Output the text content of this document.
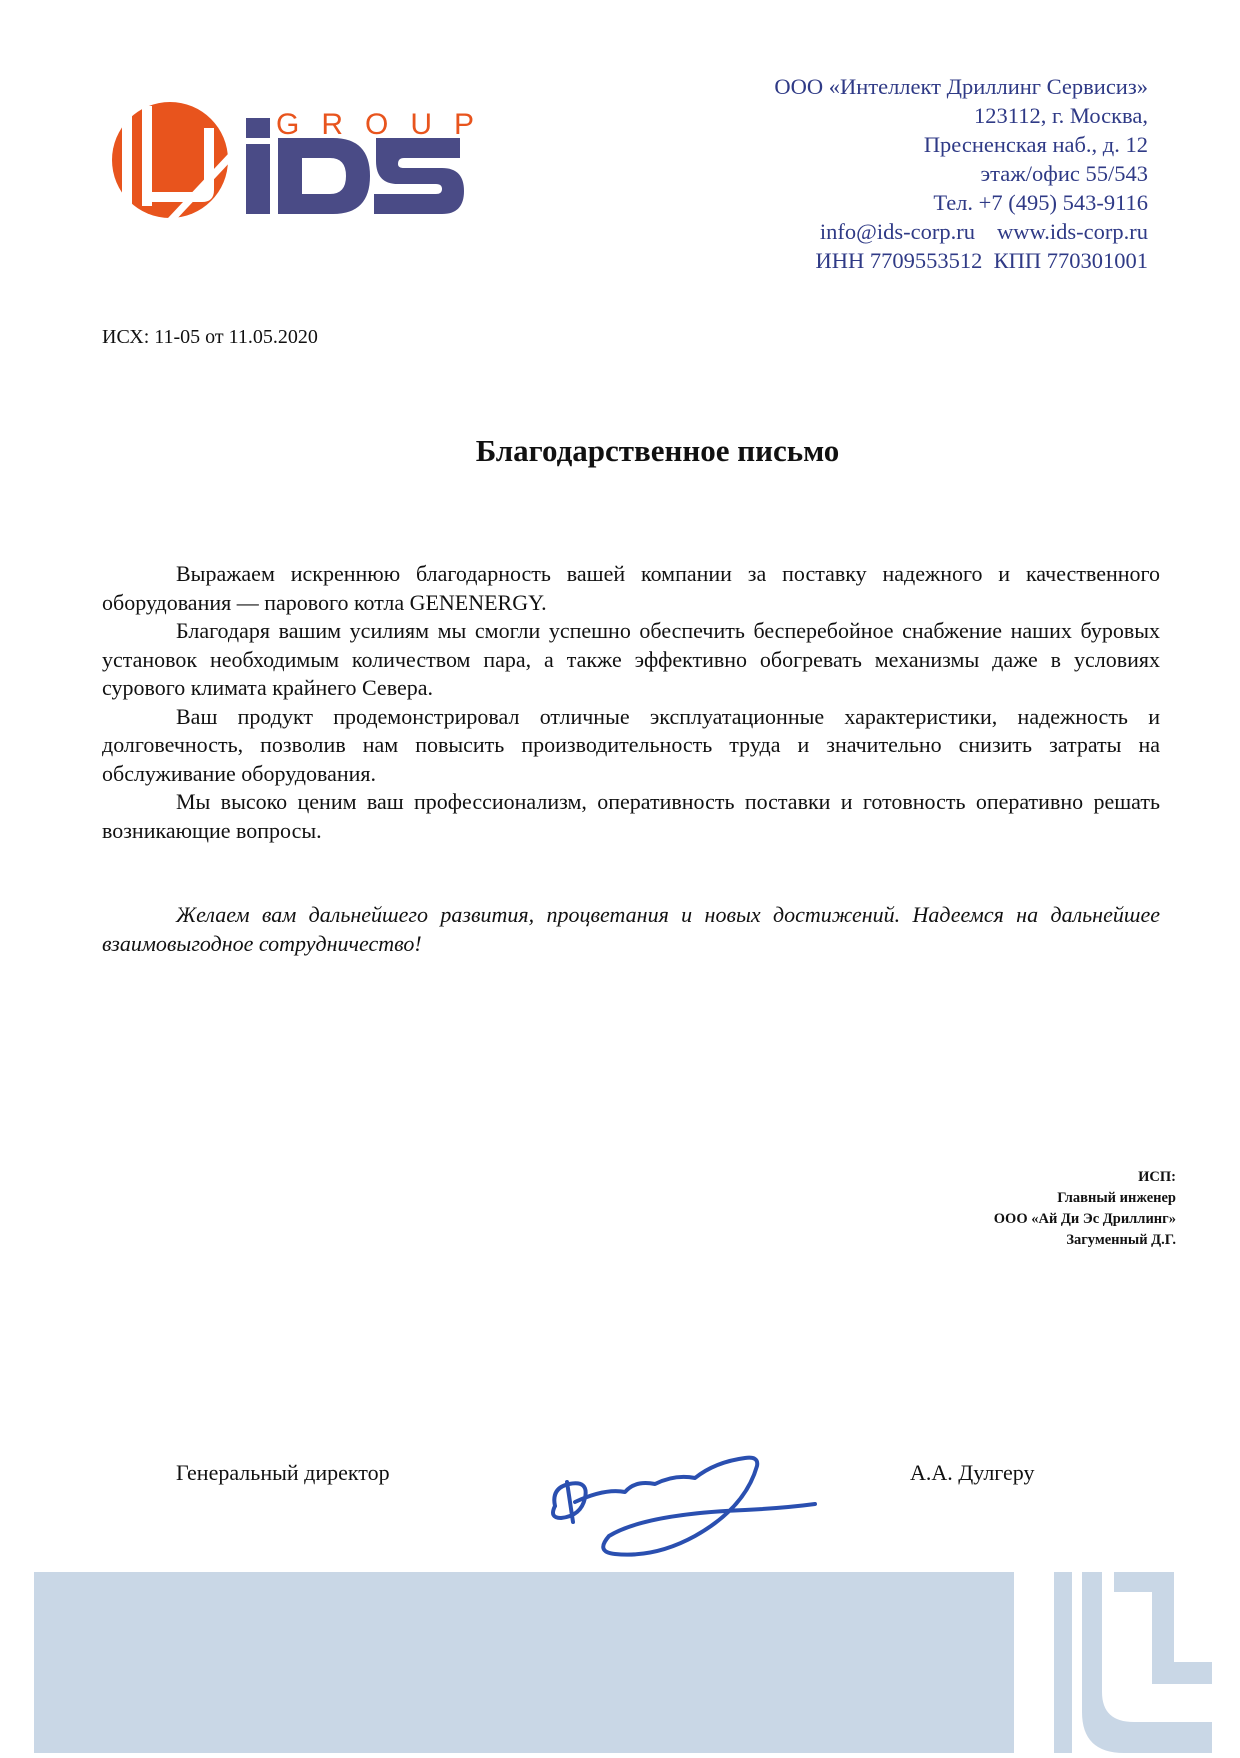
GROUP
ООО «Интеллект Дриллинг Сервисиз»
123112, г. Москва,
Пресненская наб., д. 12
этаж/офис 55/543
Тел. +7 (495) 543-9116
info@ids-corp.ru www.ids-corp.ru
ИНН 7709553512 КПП 770301001
ИСХ: 11-05 от 11.05.2020
Благодарственное письмо

Выражаем искреннюю благодарность вашей компании за поставку надежного и качественного оборудования — парового котла GENENERGY.

Благодаря вашим усилиям мы смогли успешно обеспечить бесперебойное снабжение наших буровых установок необходимым количеством пара, а также эффективно обогревать механизмы даже в условиях сурового климата крайнего Севера.

Ваш продукт продемонстрировал отличные эксплуатационные характеристики, надежность и долговечность, позволив нам повысить производительность труда и значительно снизить затраты на обслуживание оборудования.

Мы высоко ценим ваш профессионализм, оперативность поставки и готовность оперативно решать возникающие вопросы.

Желаем вам дальнейшего развития, процветания и новых достижений. Надеемся на дальнейшее взаимовыгодное сотрудничество!

ИСП:
Главный инженер
ООО «Ай Ди Эс Дриллинг»
Загуменный Д.Г.
Генеральный директор	А.А. Дулгеру
